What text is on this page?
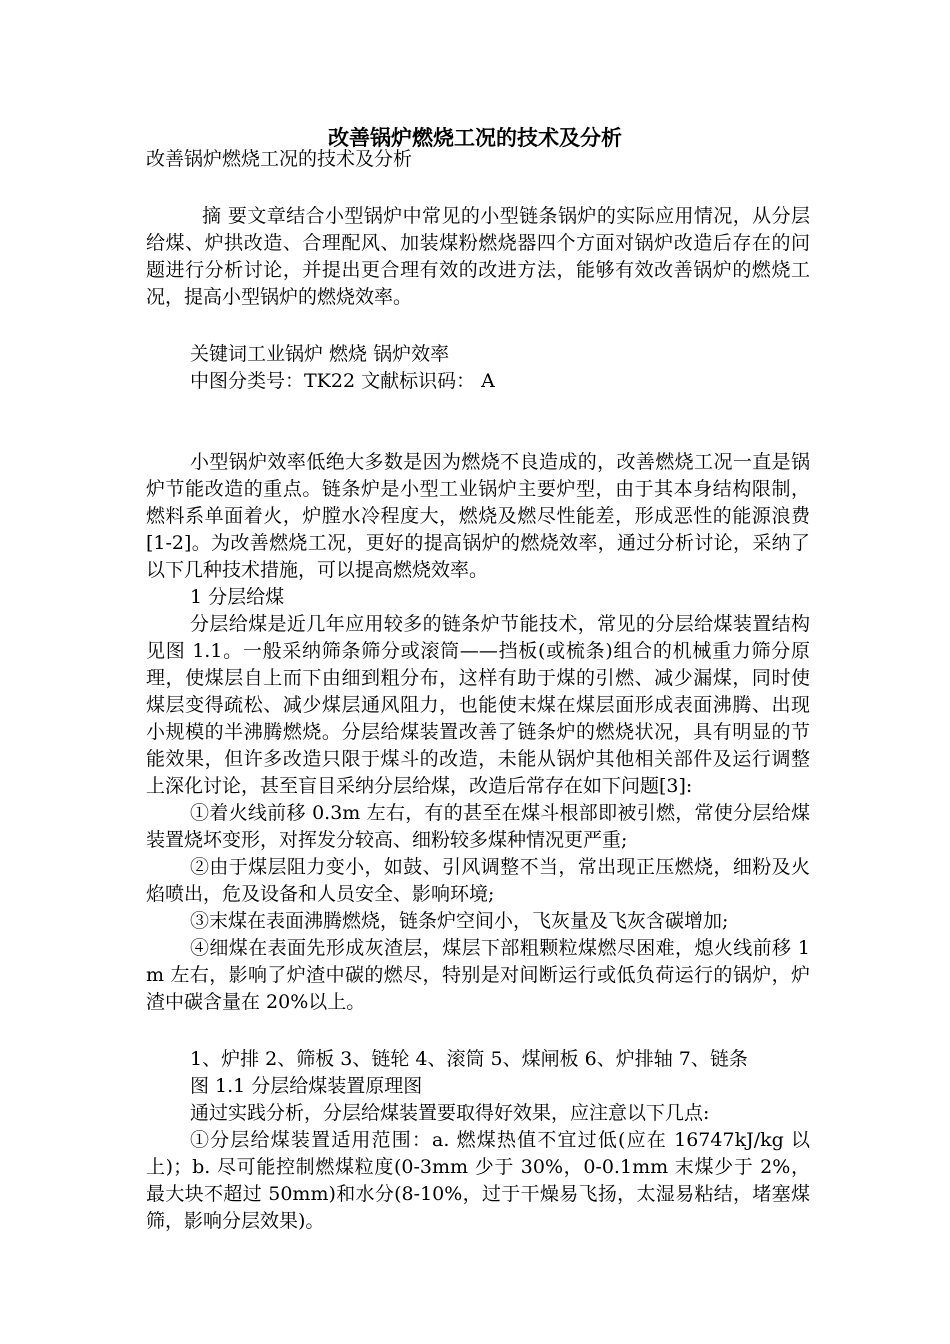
改善锅炉燃烧工况的技术及分析

改善锅炉燃烧工况的技术及分析

摘 要文章结合小型锅炉中常见的小型链条锅炉的实际应用情况，从分层给煤、炉拱改造、合理配风、加装煤粉燃烧器四个方面对锅炉改造后存在的问题进行分析讨论，并提出更合理有效的改进方法，能够有效改善锅炉的燃烧工况，提高小型锅炉的燃烧效率。

关键词工业锅炉 燃烧 锅炉效率

中图分类号：TK22 文献标识码： A

小型锅炉效率低绝大多数是因为燃烧不良造成的，改善燃烧工况一直是锅炉节能改造的重点。链条炉是小型工业锅炉主要炉型，由于其本身结构限制，燃料系单面着火，炉膛水冷程度大，燃烧及燃尽性能差，形成恶性的能源浪费[1-2]。为改善燃烧工况，更好的提高锅炉的燃烧效率，通过分析讨论，采纳了以下几种技术措施，可以提高燃烧效率。

1 分层给煤

分层给煤是近几年应用较多的链条炉节能技术，常见的分层给煤装置结构见图 1.1。一般采纳筛条筛分或滚筒——挡板(或梳条)组合的机械重力筛分原理，使煤层自上而下由细到粗分布，这样有助于煤的引燃、减少漏煤，同时使煤层变得疏松、减少煤层通风阻力，也能使末煤在煤层面形成表面沸腾、出现小规模的半沸腾燃烧。分层给煤装置改善了链条炉的燃烧状况，具有明显的节能效果，但许多改造只限于煤斗的改造，未能从锅炉其他相关部件及运行调整上深化讨论，甚至盲目采纳分层给煤，改造后常存在如下问题[3]:

①着火线前移 0.3m 左右，有的甚至在煤斗根部即被引燃，常使分层给煤装置烧坏变形，对挥发分较高、细粉较多煤种情况更严重;

②由于煤层阻力变小，如鼓、引风调整不当，常出现正压燃烧，细粉及火焰喷出，危及设备和人员安全、影响环境;

③末煤在表面沸腾燃烧，链条炉空间小，飞灰量及飞灰含碳增加;

④细煤在表面先形成灰渣层，煤层下部粗颗粒煤燃尽困难，熄火线前移 1m 左右，影响了炉渣中碳的燃尽，特别是对间断运行或低负荷运行的锅炉，炉渣中碳含量在 20%以上。

1、炉排 2、筛板 3、链轮 4、滚筒 5、煤闸板 6、炉排轴 7、链条

图 1.1 分层给煤装置原理图

通过实践分析，分层给煤装置要取得好效果，应注意以下几点:

①分层给煤装置适用范围：a. 燃煤热值不宜过低(应在 16747kJ/kg 以上)；b. 尽可能控制燃煤粒度(0-3mm 少于 30%，0-0.1mm 末煤少于 2%，最大块不超过 50mm)和水分(8-10%，过于干燥易飞扬，太湿易粘结，堵塞煤筛，影响分层效果)。
